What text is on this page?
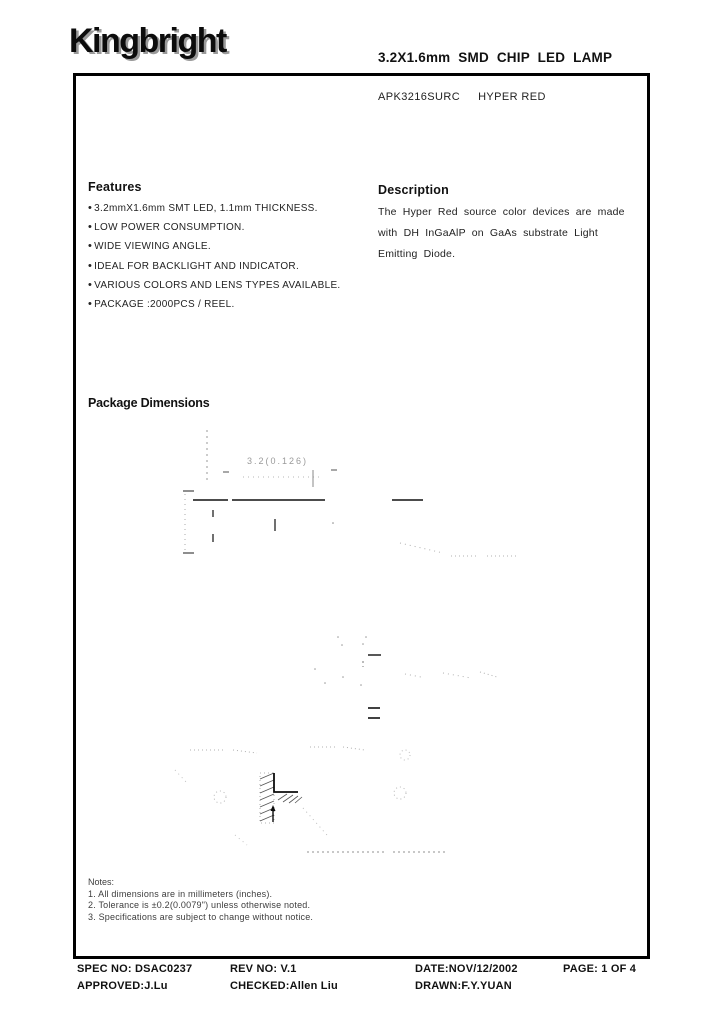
Kingbright	3.2X1.6mm SMD CHIP LED LAMP
APK3216SURC HYPER RED
Features
• 3.2mmX1.6mm SMT LED, 1.1mm THICKNESS.
• LOW POWER CONSUMPTION.
• WIDE VIEWING ANGLE.
• IDEAL FOR BACKLIGHT AND INDICATOR.
• VARIOUS COLORS AND LENS TYPES AVAILABLE.
• PACKAGE :2000PCS / REEL.
Description
The Hyper Red source color devices are made
with DH InGaAlP on GaAs substrate Light
Emitting Diode.
Package Dimensions
3.2(0.126)
Notes:
1. All dimensions are in millimeters (inches).
2. Tolerance is ±0.2(0.0079") unless otherwise noted.
3. Specifications are subject to change without notice.
SPEC NO: DSAC0237	REV NO: V.1	DATE:NOV/12/2002	PAGE: 1 OF 4
APPROVED:J.Lu	CHECKED:Allen Liu	DRAWN:F.Y.YUAN
